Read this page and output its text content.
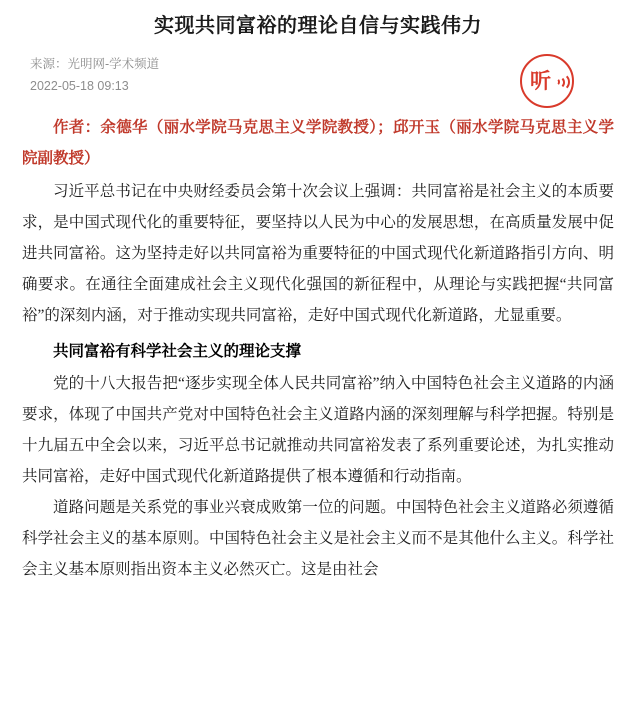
实现共同富裕的理论自信与实践伟力
来源：光明网-学术频道
2022-05-18 09:13	听

作者：余德华（丽水学院马克思主义学院教授）；邱开玉（丽水学院马克思主义学院副教授）

习近平总书记在中央财经委员会第十次会议上强调：共同富裕是社会主义的本质要求，是中国式现代化的重要特征，要坚持以人民为中心的发展思想，在高质量发展中促进共同富裕。这为坚持走好以共同富裕为重要特征的中国式现代化新道路指引方向、明确要求。在通往全面建成社会主义现代化强国的新征程中，从理论与实践把握“共同富裕”的深刻内涵，对于推动实现共同富裕，走好中国式现代化新道路，尤显重要。

共同富裕有科学社会主义的理论支撑

党的十八大报告把“逐步实现全体人民共同富裕”纳入中国特色社会主义道路的内涵要求，体现了中国共产党对中国特色社会主义道路内涵的深刻理解与科学把握。特别是十九届五中全会以来，习近平总书记就推动共同富裕发表了系列重要论述，为扎实推动共同富裕，走好中国式现代化新道路提供了根本遵循和行动指南。

道路问题是关系党的事业兴衰成败第一位的问题。中国特色社会主义道路必须遵循科学社会主义的基本原则。中国特色社会主义是社会主义而不是其他什么主义。科学社会主义基本原则指出资本主义必然灭亡。这是由社会
